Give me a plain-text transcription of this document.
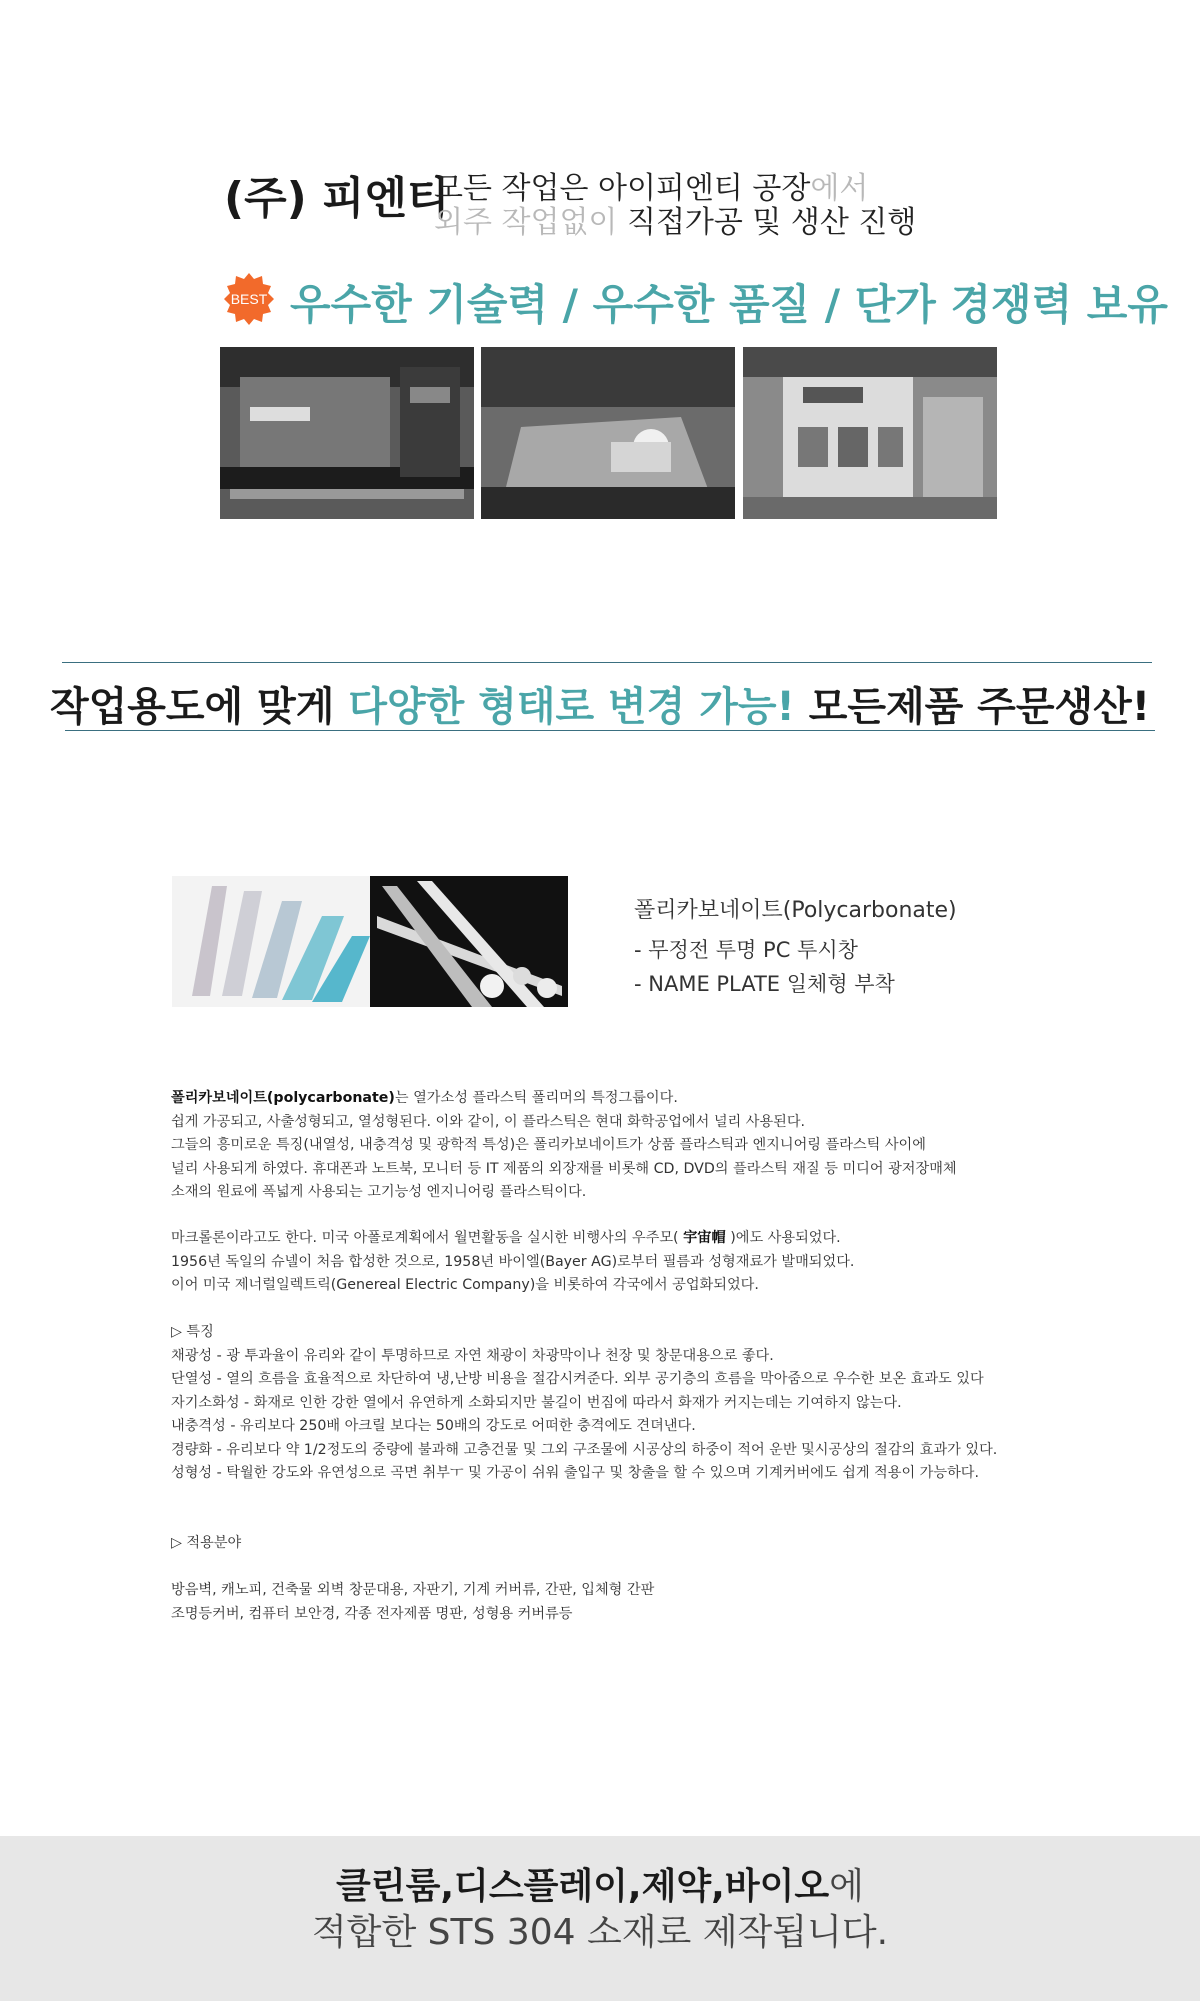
(주) 피엔티
모든 작업은 아이피엔티 공장에서
외주 작업없이 직접가공 및 생산 진행
BEST 우수한 기술력 / 우수한 품질 / 단가 경쟁력 보유
작업용도에 맞게 다양한 형태로 변경 가능! 모든제품 주문생산!
폴리카보네이트(Polycarbonate)
- 무정전 투명 PC 투시창
- NAME PLATE 일체형 부착

폴리카보네이트(polycarbonate)는 열가소성 플라스틱 폴리머의 특정그룹이다.

쉽게 가공되고, 사출성형되고, 열성형된다. 이와 같이, 이 플라스틱은 현대 화학공업에서 널리 사용된다.

그들의 흥미로운 특징(내열성, 내충격성 및 광학적 특성)은 폴리카보네이트가 상품 플라스틱과 엔지니어링 플라스틱 사이에

널리 사용되게 하였다. 휴대폰과 노트북, 모니터 등 IT 제품의 외장재를 비롯해 CD, DVD의 플라스틱 재질 등 미디어 광저장매체

소재의 원료에 폭넓게 사용되는 고기능성 엔지니어링 플라스틱이다.

마크롤론이라고도 한다. 미국 아폴로계획에서 월면활동을 실시한 비행사의 우주모( 宇宙帽 )에도 사용되었다.

1956년 독일의 슈넬이 처음 합성한 것으로, 1958년 바이엘(Bayer AG)로부터 필름과 성형재료가 발매되었다.

이어 미국 제너럴일렉트릭(Genereal Electric Company)을 비롯하여 각국에서 공업화되었다.

▷ 특징

채광성 - 광 투과율이 유리와 같이 투명하므로 자연 채광이 차광막이나 천장 및 창문대용으로 좋다.

단열성 - 열의 흐름을 효율적으로 차단하여 냉,난방 비용을 절감시켜준다. 외부 공기층의 흐름을 막아줌으로 우수한 보온 효과도 있다

자기소화성 - 화재로 인한 강한 열에서 유연하게 소화되지만 불길이 번짐에 따라서 화재가 커지는데는 기여하지 않는다.

내충격성 - 유리보다 250배 아크릴 보다는 50배의 강도로 어떠한 충격에도 견뎌낸다.

경량화 - 유리보다 약 1/2정도의 중량에 불과해 고층건물 및 그외 구조물에 시공상의 하중이 적어 운반 및시공상의 절감의 효과가 있다.

성형성 - 탁월한 강도와 유연성으로 곡면 취부ㅜ 및 가공이 쉬워 출입구 및 창출을 할 수 있으며 기계커버에도 쉽게 적용이 가능하다.

▷ 적용분야

방음벽, 캐노피, 건축물 외벽 창문대용, 자판기, 기계 커버류, 간판, 입체형 간판

조명등커버, 컴퓨터 보안경, 각종 전자제품 명판, 성형용 커버류등

클린룸,디스플레이,제약,바이오에
적합한 STS 304 소재로 제작됩니다.
